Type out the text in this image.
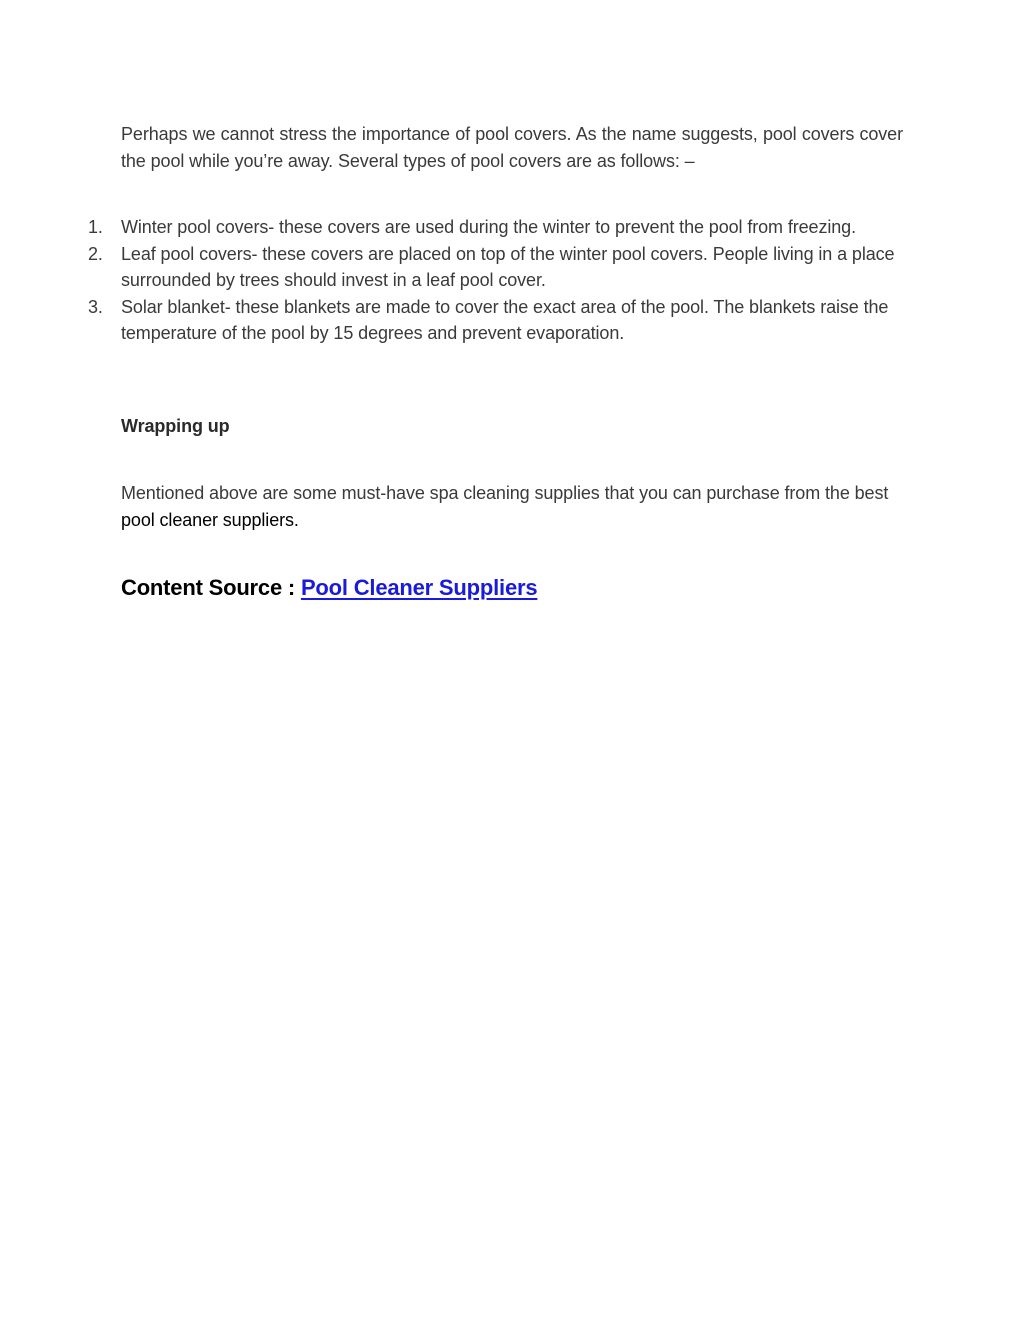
Perhaps we cannot stress the importance of pool covers. As the name suggests, pool covers cover the pool while you’re away. Several types of pool covers are as follows: –

1. Winter pool covers- these covers are used during the winter to prevent the pool from freezing.
2. Leaf pool covers- these covers are placed on top of the winter pool covers. People living in a place surrounded by trees should invest in a leaf pool cover.
3. Solar blanket- these blankets are made to cover the exact area of the pool. The blankets raise the temperature of the pool by 15 degrees and prevent evaporation.
Wrapping up

Mentioned above are some must-have spa cleaning supplies that you can purchase from the best pool cleaner suppliers.

Content Source : Pool Cleaner Suppliers
